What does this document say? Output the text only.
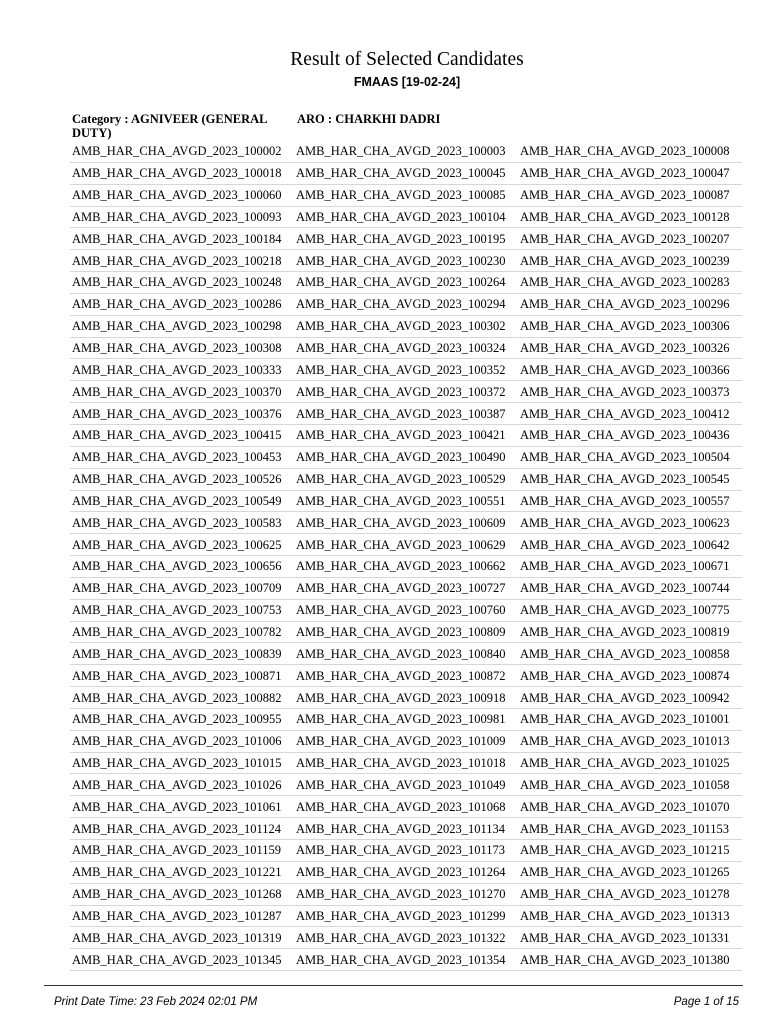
Result of Selected Candidates
FMAAS [19-02-24]
Category : AGNIVEER (GENERAL DUTY)
ARO : CHARKHI DADRI
AMB_HAR_CHA_AVGD_2023_100002	AMB_HAR_CHA_AVGD_2023_100003	AMB_HAR_CHA_AVGD_2023_100008
AMB_HAR_CHA_AVGD_2023_100018	AMB_HAR_CHA_AVGD_2023_100045	AMB_HAR_CHA_AVGD_2023_100047
AMB_HAR_CHA_AVGD_2023_100060	AMB_HAR_CHA_AVGD_2023_100085	AMB_HAR_CHA_AVGD_2023_100087
AMB_HAR_CHA_AVGD_2023_100093	AMB_HAR_CHA_AVGD_2023_100104	AMB_HAR_CHA_AVGD_2023_100128
AMB_HAR_CHA_AVGD_2023_100184	AMB_HAR_CHA_AVGD_2023_100195	AMB_HAR_CHA_AVGD_2023_100207
AMB_HAR_CHA_AVGD_2023_100218	AMB_HAR_CHA_AVGD_2023_100230	AMB_HAR_CHA_AVGD_2023_100239
AMB_HAR_CHA_AVGD_2023_100248	AMB_HAR_CHA_AVGD_2023_100264	AMB_HAR_CHA_AVGD_2023_100283
AMB_HAR_CHA_AVGD_2023_100286	AMB_HAR_CHA_AVGD_2023_100294	AMB_HAR_CHA_AVGD_2023_100296
AMB_HAR_CHA_AVGD_2023_100298	AMB_HAR_CHA_AVGD_2023_100302	AMB_HAR_CHA_AVGD_2023_100306
AMB_HAR_CHA_AVGD_2023_100308	AMB_HAR_CHA_AVGD_2023_100324	AMB_HAR_CHA_AVGD_2023_100326
AMB_HAR_CHA_AVGD_2023_100333	AMB_HAR_CHA_AVGD_2023_100352	AMB_HAR_CHA_AVGD_2023_100366
AMB_HAR_CHA_AVGD_2023_100370	AMB_HAR_CHA_AVGD_2023_100372	AMB_HAR_CHA_AVGD_2023_100373
AMB_HAR_CHA_AVGD_2023_100376	AMB_HAR_CHA_AVGD_2023_100387	AMB_HAR_CHA_AVGD_2023_100412
AMB_HAR_CHA_AVGD_2023_100415	AMB_HAR_CHA_AVGD_2023_100421	AMB_HAR_CHA_AVGD_2023_100436
AMB_HAR_CHA_AVGD_2023_100453	AMB_HAR_CHA_AVGD_2023_100490	AMB_HAR_CHA_AVGD_2023_100504
AMB_HAR_CHA_AVGD_2023_100526	AMB_HAR_CHA_AVGD_2023_100529	AMB_HAR_CHA_AVGD_2023_100545
AMB_HAR_CHA_AVGD_2023_100549	AMB_HAR_CHA_AVGD_2023_100551	AMB_HAR_CHA_AVGD_2023_100557
AMB_HAR_CHA_AVGD_2023_100583	AMB_HAR_CHA_AVGD_2023_100609	AMB_HAR_CHA_AVGD_2023_100623
AMB_HAR_CHA_AVGD_2023_100625	AMB_HAR_CHA_AVGD_2023_100629	AMB_HAR_CHA_AVGD_2023_100642
AMB_HAR_CHA_AVGD_2023_100656	AMB_HAR_CHA_AVGD_2023_100662	AMB_HAR_CHA_AVGD_2023_100671
AMB_HAR_CHA_AVGD_2023_100709	AMB_HAR_CHA_AVGD_2023_100727	AMB_HAR_CHA_AVGD_2023_100744
AMB_HAR_CHA_AVGD_2023_100753	AMB_HAR_CHA_AVGD_2023_100760	AMB_HAR_CHA_AVGD_2023_100775
AMB_HAR_CHA_AVGD_2023_100782	AMB_HAR_CHA_AVGD_2023_100809	AMB_HAR_CHA_AVGD_2023_100819
AMB_HAR_CHA_AVGD_2023_100839	AMB_HAR_CHA_AVGD_2023_100840	AMB_HAR_CHA_AVGD_2023_100858
AMB_HAR_CHA_AVGD_2023_100871	AMB_HAR_CHA_AVGD_2023_100872	AMB_HAR_CHA_AVGD_2023_100874
AMB_HAR_CHA_AVGD_2023_100882	AMB_HAR_CHA_AVGD_2023_100918	AMB_HAR_CHA_AVGD_2023_100942
AMB_HAR_CHA_AVGD_2023_100955	AMB_HAR_CHA_AVGD_2023_100981	AMB_HAR_CHA_AVGD_2023_101001
AMB_HAR_CHA_AVGD_2023_101006	AMB_HAR_CHA_AVGD_2023_101009	AMB_HAR_CHA_AVGD_2023_101013
AMB_HAR_CHA_AVGD_2023_101015	AMB_HAR_CHA_AVGD_2023_101018	AMB_HAR_CHA_AVGD_2023_101025
AMB_HAR_CHA_AVGD_2023_101026	AMB_HAR_CHA_AVGD_2023_101049	AMB_HAR_CHA_AVGD_2023_101058
AMB_HAR_CHA_AVGD_2023_101061	AMB_HAR_CHA_AVGD_2023_101068	AMB_HAR_CHA_AVGD_2023_101070
AMB_HAR_CHA_AVGD_2023_101124	AMB_HAR_CHA_AVGD_2023_101134	AMB_HAR_CHA_AVGD_2023_101153
AMB_HAR_CHA_AVGD_2023_101159	AMB_HAR_CHA_AVGD_2023_101173	AMB_HAR_CHA_AVGD_2023_101215
AMB_HAR_CHA_AVGD_2023_101221	AMB_HAR_CHA_AVGD_2023_101264	AMB_HAR_CHA_AVGD_2023_101265
AMB_HAR_CHA_AVGD_2023_101268	AMB_HAR_CHA_AVGD_2023_101270	AMB_HAR_CHA_AVGD_2023_101278
AMB_HAR_CHA_AVGD_2023_101287	AMB_HAR_CHA_AVGD_2023_101299	AMB_HAR_CHA_AVGD_2023_101313
AMB_HAR_CHA_AVGD_2023_101319	AMB_HAR_CHA_AVGD_2023_101322	AMB_HAR_CHA_AVGD_2023_101331
AMB_HAR_CHA_AVGD_2023_101345	AMB_HAR_CHA_AVGD_2023_101354	AMB_HAR_CHA_AVGD_2023_101380
Print Date Time: 23 Feb 2024 02:01 PM	Page 1 of 15
